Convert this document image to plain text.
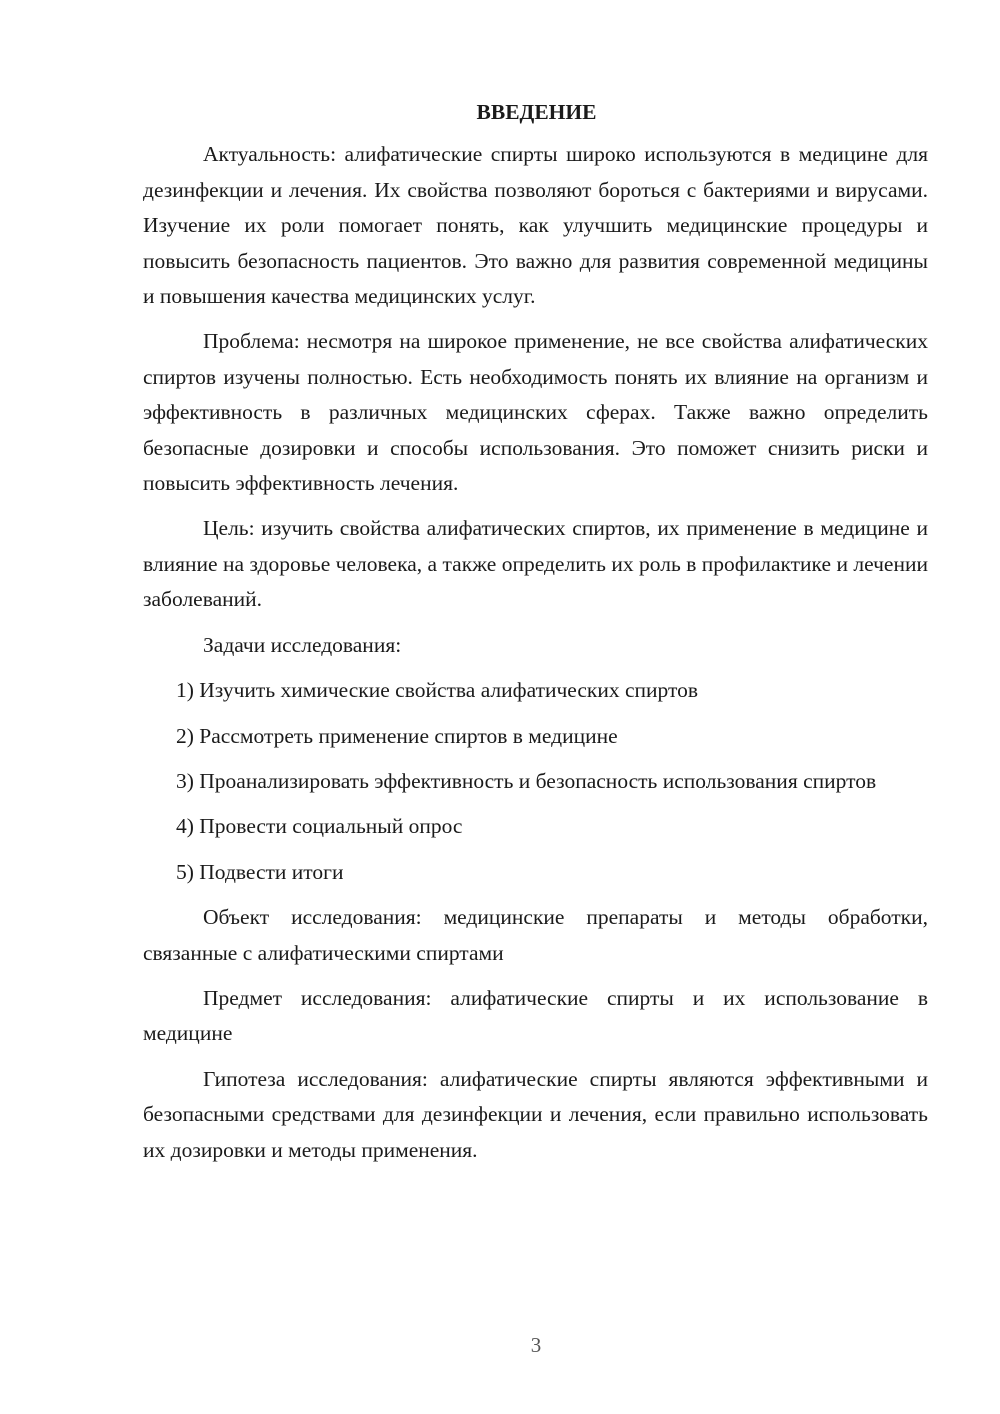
ВВЕДЕНИЕ

Актуальность: алифатические спирты широко используются в медицине для дезинфекции и лечения. Их свойства позволяют бороться с бактериями и вирусами. Изучение их роли помогает понять, как улучшить медицинские процедуры и повысить безопасность пациентов. Это важно для развития современной медицины и повышения качества медицинских услуг.

Проблема: несмотря на широкое применение, не все свойства алифатических спиртов изучены полностью. Есть необходимость понять их влияние на организм и эффективность в различных медицинских сферах. Также важно определить безопасные дозировки и способы использования. Это поможет снизить риски и повысить эффективность лечения.

Цель: изучить свойства алифатических спиртов, их применение в медицине и влияние на здоровье человека, а также определить их роль в профилактике и лечении заболеваний.

Задачи исследования:

1) Изучить химические свойства алифатических спиртов

2) Рассмотреть применение спиртов в медицине

3) Проанализировать эффективность и безопасность использования спиртов

4) Провести социальный опрос

5) Подвести итоги

Объект исследования: медицинские препараты и методы обработки, связанные с алифатическими спиртами

Предмет исследования: алифатические спирты и их использование в медицине

Гипотеза исследования: алифатические спирты являются эффективными и безопасными средствами для дезинфекции и лечения, если правильно использовать их дозировки и методы применения.

3
